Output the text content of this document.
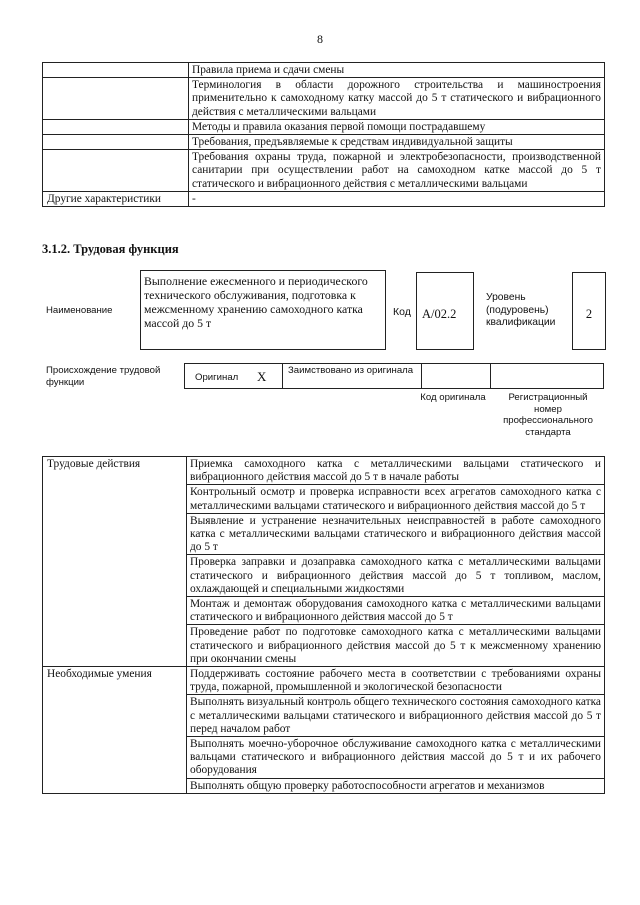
8
	Правила приема и сдачи смены
	Терминология в области дорожного строительства и машиностроения применительно к самоходному катку массой до 5 т статического и вибрационного действия с металлическими вальцами
	Методы и правила оказания первой помощи пострадавшему
	Требования, предъявляемые к средствам индивидуальной защиты
	Требования охраны труда, пожарной и электробезопасности, производственной санитарии при осуществлении работ на самоходном катке массой до 5 т статического и вибрационного действия с металлическими вальцами
Другие характеристики	-
3.1.2. Трудовая функция
Наименование
Выполнение ежесменного и периодического технического обслуживания, подготовка к межсменному хранению самоходного катка массой до 5 т
Код А/02.2
Уровень (подуровень) квалификации
2
Происхождение трудовой функции	Оригинал X Заимствовано из оригинала
Код оригинала	Регистрационный номер профессионального стандарта
Трудовые действия	Приемка самоходного катка с металлическими вальцами статического и вибрационного действия массой до 5 т в начале работы
	Контрольный осмотр и проверка исправности всех агрегатов самоходного катка с металлическими вальцами статического и вибрационного действия массой до 5 т
	Выявление и устранение незначительных неисправностей в работе самоходного катка с металлическими вальцами статического и вибрационного действия массой до 5 т
	Проверка заправки и дозаправка самоходного катка с металлическими вальцами статического и вибрационного действия массой до 5 т топливом, маслом, охлаждающей и специальными жидкостями
	Монтаж и демонтаж оборудования самоходного катка с металлическими вальцами статического и вибрационного действия массой до 5 т
	Проведение работ по подготовке самоходного катка с металлическими вальцами статического и вибрационного действия массой до 5 т к межсменному хранению при окончании смены
Необходимые умения	Поддерживать состояние рабочего места в соответствии с требованиями охраны труда, пожарной, промышленной и экологической безопасности
	Выполнять визуальный контроль общего технического состояния самоходного катка с металлическими вальцами статического и вибрационного действия массой до 5 т перед началом работ
	Выполнять моечно-уборочное обслуживание самоходного катка с металлическими вальцами статического и вибрационного действия массой до 5 т и их рабочего оборудования
	Выполнять общую проверку работоспособности агрегатов и механизмов
